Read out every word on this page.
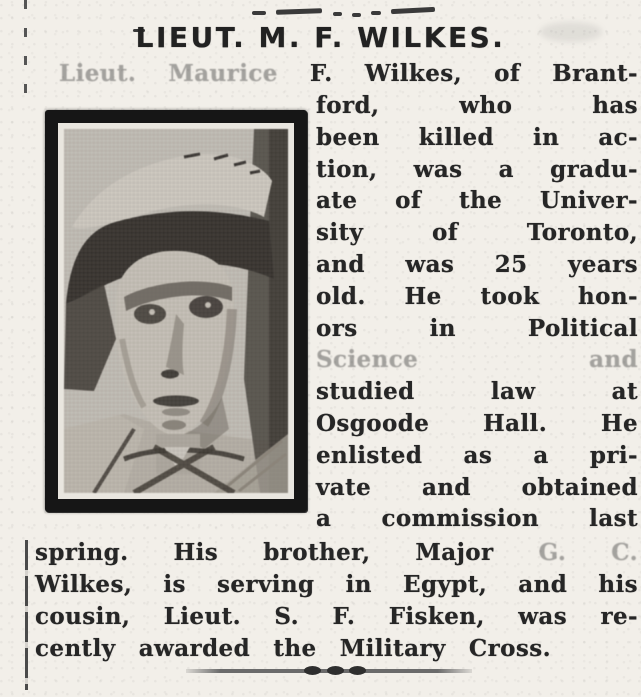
LIEUT. M. F. WILKES.
Lieut. Maurice F. Wilkes, of Brant-
ford, who has
been killed in ac-
tion, was a gradu-
ate of the Univer-
sity of Toronto,
and was 25 years
old. He took hon-
ors in Political
Science and
studied law at
Osgoode Hall. He
enlisted as a pri-
vate and obtained
a commission last
spring. His brother, Major G. C.
Wilkes, is serving in Egypt, and his
cousin, Lieut. S. F. Fisken, was re-
cently awarded the Military Cross.
